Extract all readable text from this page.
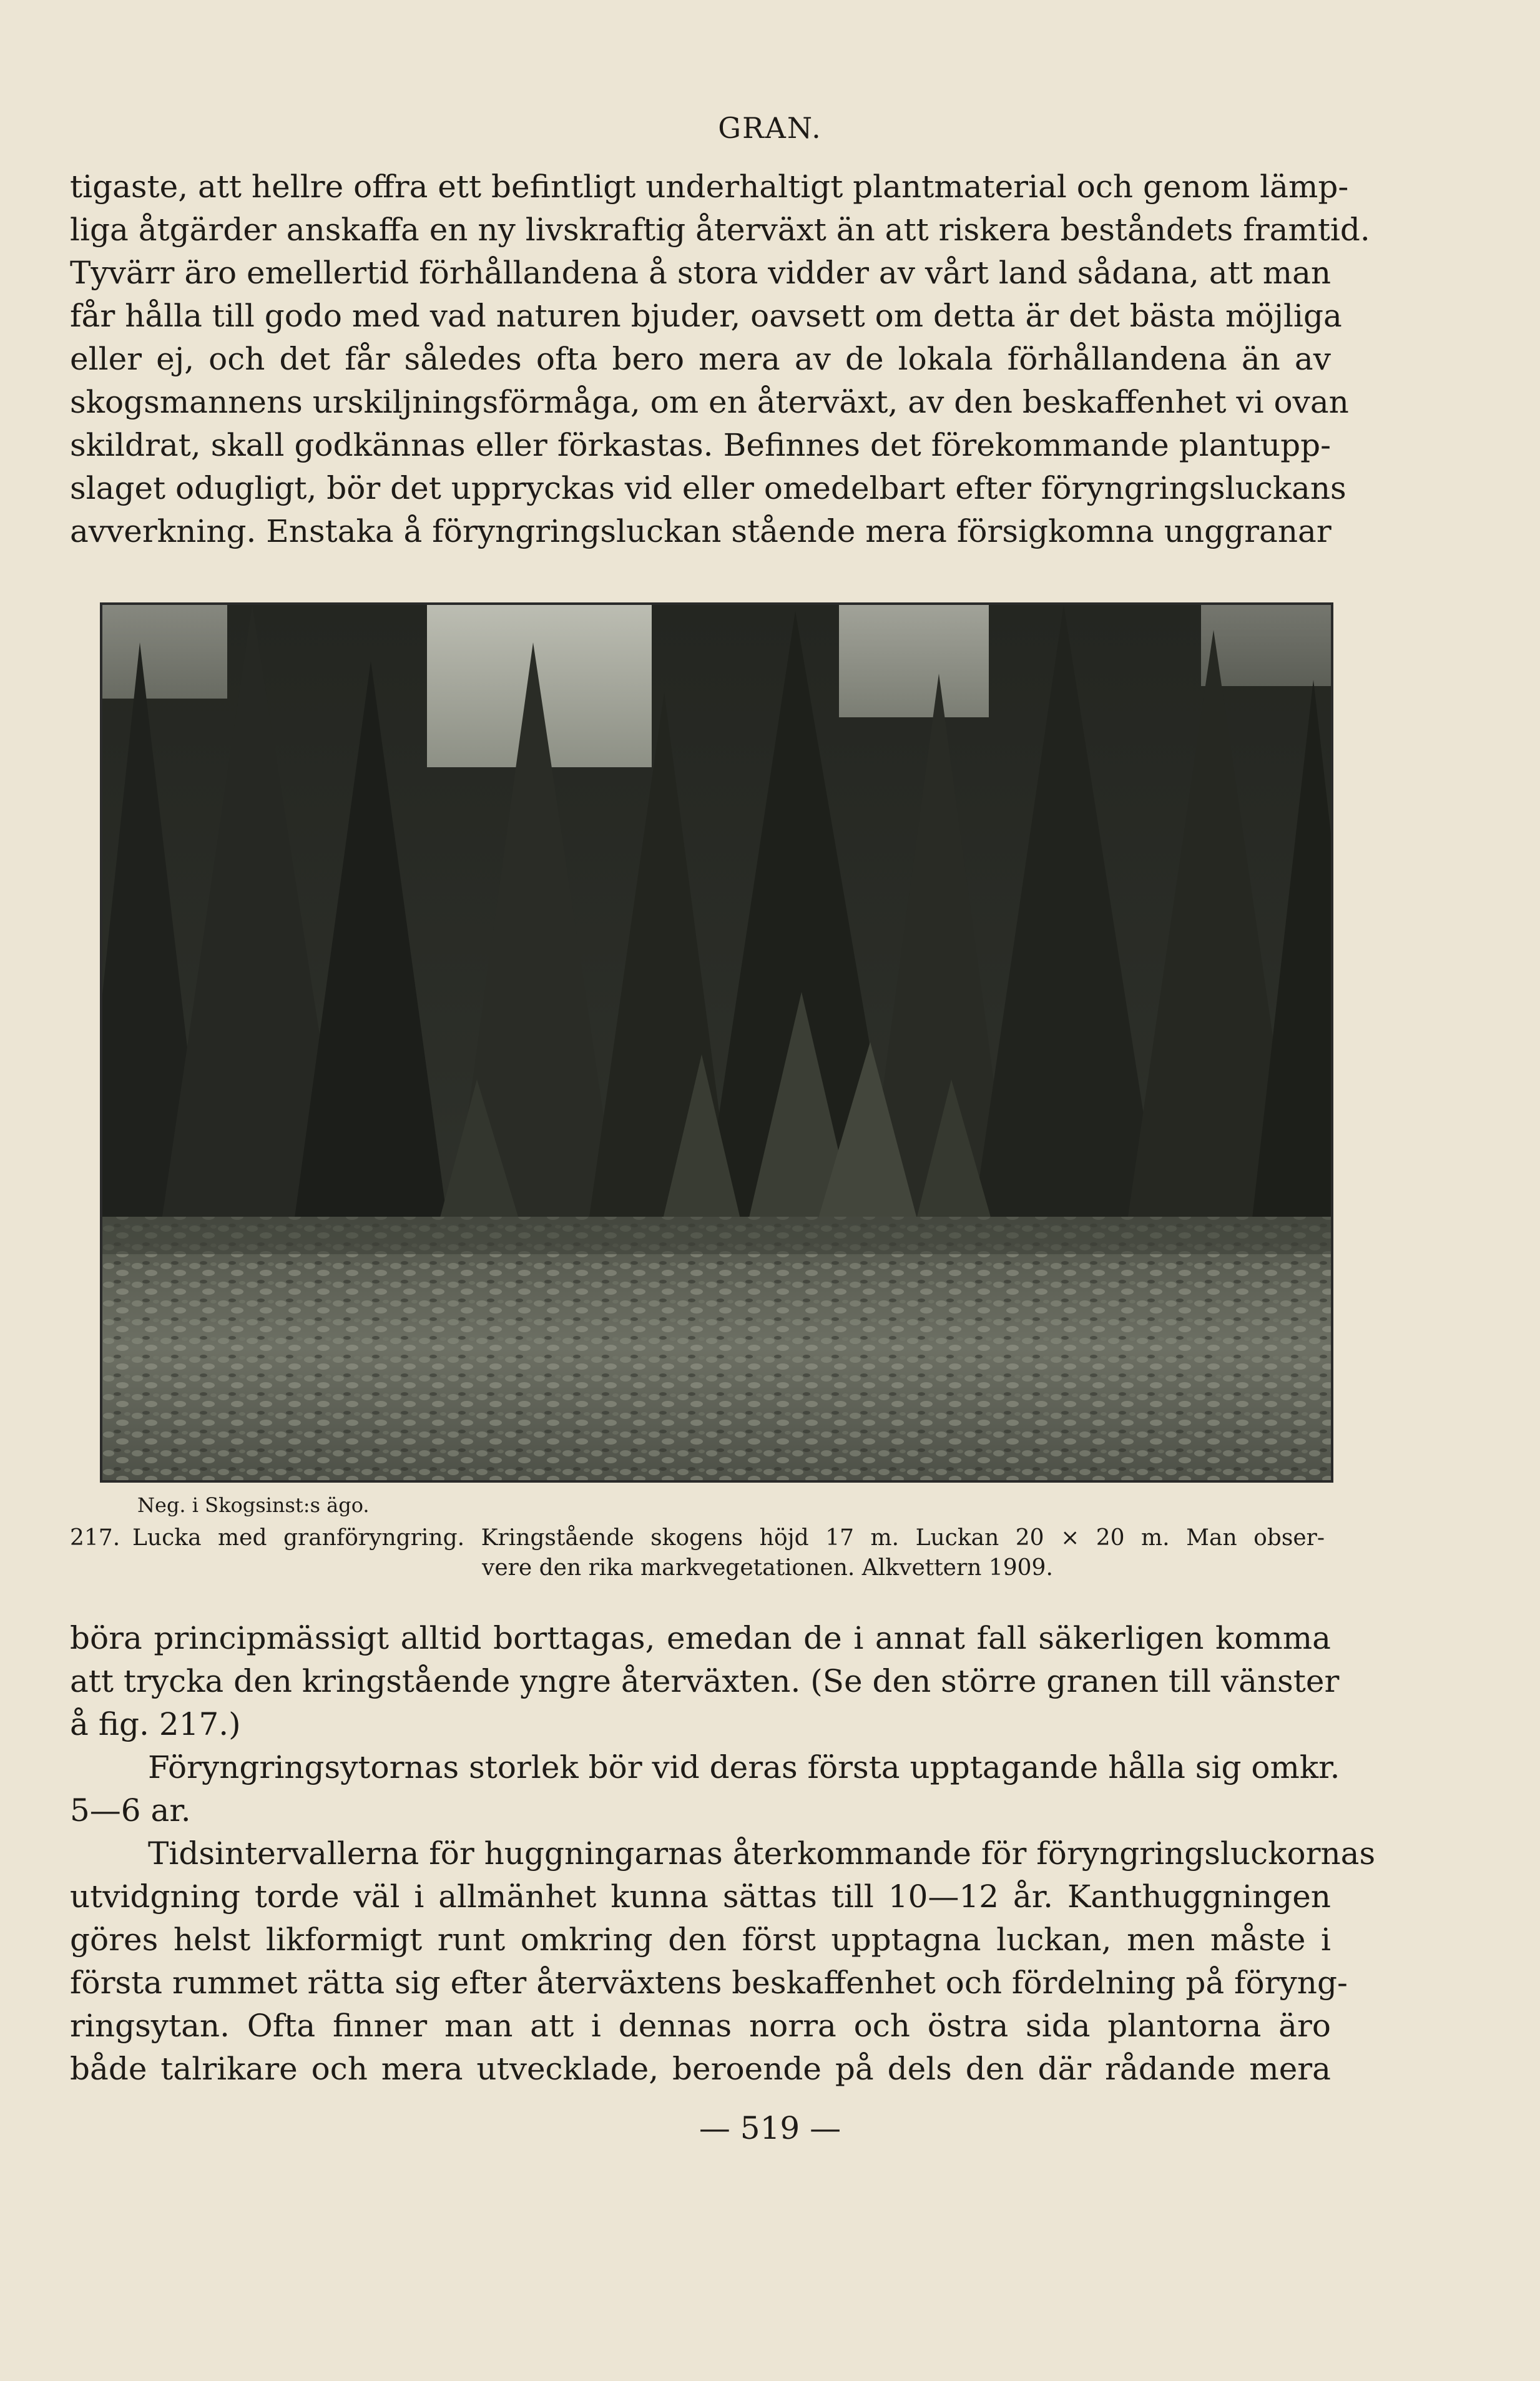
GRAN.

tigaste, att hellre offra ett befintligt underhaltigt plantmaterial och genom lämp-
liga åtgärder anskaffa en ny livskraftig återväxt än att riskera beståndets framtid.
Tyvärr äro emellertid förhållandena å stora vidder av vårt land sådana, att man
får hålla till godo med vad naturen bjuder, oavsett om detta är det bästa möjliga
eller ej, och det får således ofta bero mera av de lokala förhållandena än av
skogsmannens urskiljningsförmåga, om en återväxt, av den beskaffenhet vi ovan
skildrat, skall godkännas eller förkastas. Befinnes det förekommande plantupp-
slaget odugligt, bör det uppryckas vid eller omedelbart efter föryngringsluckans
avverkning. Enstaka å föryngringsluckan stående mera försigkomna unggranar

Neg. i Skogsinst:s ägo.
217. Lucka med granföryngring. Kringstående skogens höjd 17 m. Luckan 20 × 20 m. Man obser-
vere den rika markvegetationen. Alkvettern 1909.

böra principmässigt alltid borttagas, emedan de i annat fall säkerligen komma
att trycka den kringstående yngre återväxten. (Se den större granen till vänster
å fig. 217.)
Föryngringsytornas storlek bör vid deras första upptagande hålla sig omkr.
5—6 ar.
Tidsintervallerna för huggningarnas återkommande för föryngringsluckornas
utvidgning torde väl i allmänhet kunna sättas till 10—12 år. Kanthuggningen
göres helst likformigt runt omkring den först upptagna luckan, men måste i
första rummet rätta sig efter återväxtens beskaffenhet och fördelning på föryng-
ringsytan. Ofta finner man att i dennas norra och östra sida plantorna äro
både talrikare och mera utvecklade, beroende på dels den där rådande mera

— 519 —
